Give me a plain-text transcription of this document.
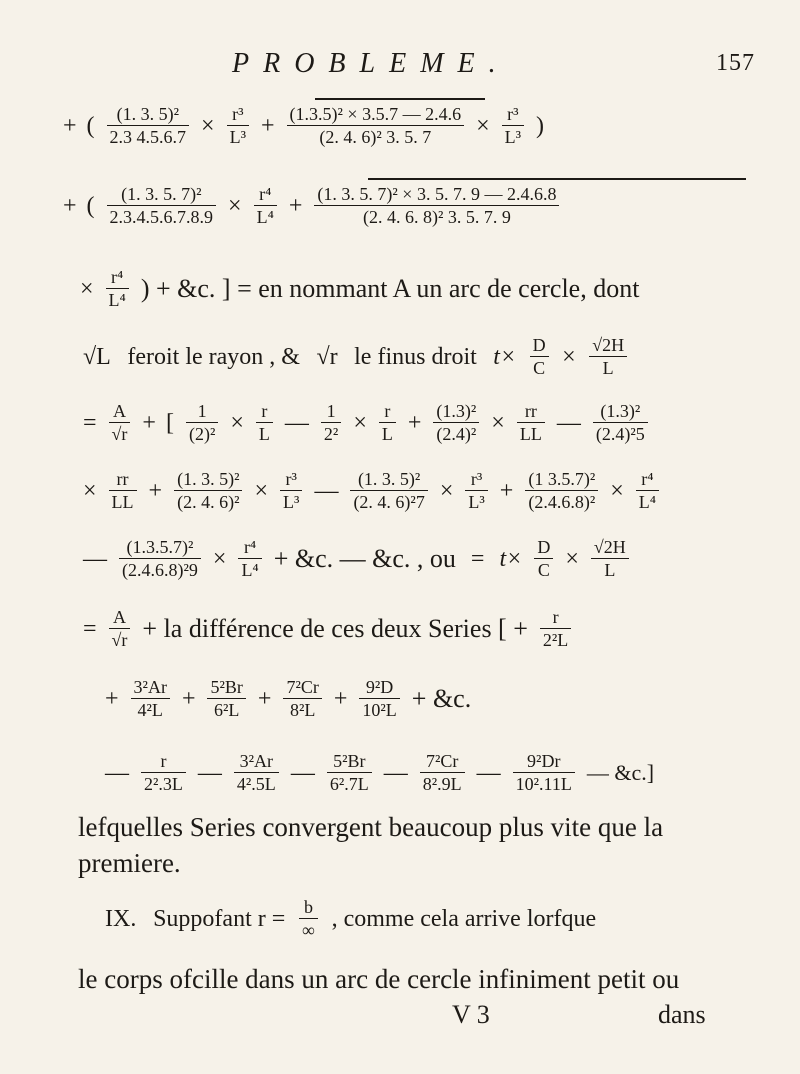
PROBLEME.	157
+ ( $\frac{\text{(1. 3. 5)²}}{2.3 4.5.6.7} \times \frac{\text{r³}}{\text{L³}} + \frac{\text{(1.3.5)² × 3.5.7 — 2.4.6}}{\text{(2. 4. 6)² 3. 5. 7}} \times \frac{\text{r³}}{\text{L³}}$ )
+ ( $\frac{\text{(1. 3. 5. 7)²}}{2.3.4.5.6.7.8.9} \times \frac{\text{r⁴}}{\text{L⁴}} + \frac{\text{(1. 3. 5. 7)² × 3. 5. 7. 9 — 2.4.6.8}}{\text{(2. 4. 6. 8)² 3. 5. 7. 9}}$
× $\frac{\text{r⁴}}{\text{L⁴}}$ ) + &c. ] = en nommant A un arc de cercle, dont
√L feroit le rayon , & √r le finus droit $t\times \frac{D}{C} \times \frac{√2H}{L}$
= $\frac{A}{√r}$ + [ $\frac{1}{\text{(2)²}} \times \frac{r}{L}$ — $\frac{1}{\text{2²}} \times \frac{r}{L} + \frac{\text{(1.3)²}}{\text{(2.4)²}} \times \frac{rr}{LL}$ — $\frac{\text{(1.3)²}}{\text{(2.4)²5}}$
× $\frac{rr}{LL} + \frac{\text{(1. 3. 5)²}}{\text{(2. 4. 6)²}} \times \frac{\text{r³}}{\text{L³}}$ — $\frac{\text{(1. 3. 5)²}}{\text{(2. 4. 6)²7}} \times \frac{\text{r³}}{\text{L³}} + \frac{\text{(1 3.5.7)²}}{\text{(2.4.6.8)²}} \times \frac{\text{r⁴}}{\text{L⁴}}$
— $\frac{\text{(1.3.5.7)²}}{\text{(2.4.6.8)²9}} \times \frac{\text{r⁴}}{\text{L⁴}}$ + &c. — &c. , ou = $t\times \frac{D}{C} \times \frac{√2H}{L}$
= $\frac{A}{√r}$ + la différence de ces deux Series [ + $\frac{r}{\text{2²L}}$
+ $\frac{\text{3²Ar}}{\text{4²L}} + \frac{\text{5²Br}}{\text{6²L}} + \frac{\text{7²Cr}}{\text{8²L}} + \frac{\text{9²D}}{\text{10²L}}$ + &c.
— $\frac{r}{\text{2².3L}}$ — $\frac{\text{3²Ar}}{\text{4².5L}}$ — $\frac{\text{5²Br}}{\text{6².7L}}$ — $\frac{\text{7²Cr}}{\text{8².9L}}$ — $\frac{\text{9²Dr}}{\text{10².11L}}$ — &c.]
lefquelles Series convergent beaucoup plus vite que la
premiere.
IX. Suppofant $r = \frac{b}{\infty}$ , comme cela arrive lorfque
le corps ofcille dans un arc de cercle infiniment petit ou
V 3	dans
